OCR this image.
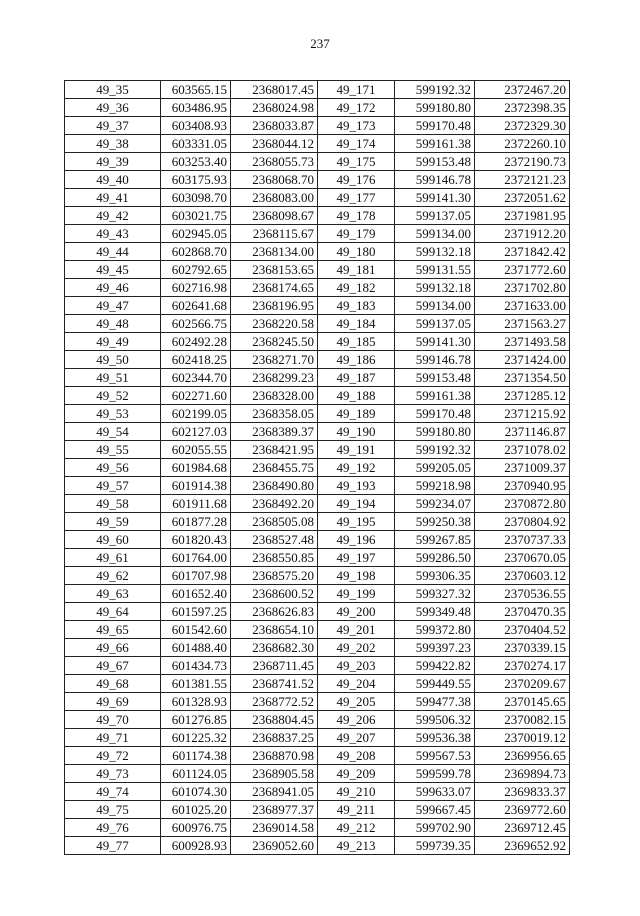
237
49_35	603565.15	2368017.45	49_171	599192.32	2372467.20
49_36	603486.95	2368024.98	49_172	599180.80	2372398.35
49_37	603408.93	2368033.87	49_173	599170.48	2372329.30
49_38	603331.05	2368044.12	49_174	599161.38	2372260.10
49_39	603253.40	2368055.73	49_175	599153.48	2372190.73
49_40	603175.93	2368068.70	49_176	599146.78	2372121.23
49_41	603098.70	2368083.00	49_177	599141.30	2372051.62
49_42	603021.75	2368098.67	49_178	599137.05	2371981.95
49_43	602945.05	2368115.67	49_179	599134.00	2371912.20
49_44	602868.70	2368134.00	49_180	599132.18	2371842.42
49_45	602792.65	2368153.65	49_181	599131.55	2371772.60
49_46	602716.98	2368174.65	49_182	599132.18	2371702.80
49_47	602641.68	2368196.95	49_183	599134.00	2371633.00
49_48	602566.75	2368220.58	49_184	599137.05	2371563.27
49_49	602492.28	2368245.50	49_185	599141.30	2371493.58
49_50	602418.25	2368271.70	49_186	599146.78	2371424.00
49_51	602344.70	2368299.23	49_187	599153.48	2371354.50
49_52	602271.60	2368328.00	49_188	599161.38	2371285.12
49_53	602199.05	2368358.05	49_189	599170.48	2371215.92
49_54	602127.03	2368389.37	49_190	599180.80	2371146.87
49_55	602055.55	2368421.95	49_191	599192.32	2371078.02
49_56	601984.68	2368455.75	49_192	599205.05	2371009.37
49_57	601914.38	2368490.80	49_193	599218.98	2370940.95
49_58	601911.68	2368492.20	49_194	599234.07	2370872.80
49_59	601877.28	2368505.08	49_195	599250.38	2370804.92
49_60	601820.43	2368527.48	49_196	599267.85	2370737.33
49_61	601764.00	2368550.85	49_197	599286.50	2370670.05
49_62	601707.98	2368575.20	49_198	599306.35	2370603.12
49_63	601652.40	2368600.52	49_199	599327.32	2370536.55
49_64	601597.25	2368626.83	49_200	599349.48	2370470.35
49_65	601542.60	2368654.10	49_201	599372.80	2370404.52
49_66	601488.40	2368682.30	49_202	599397.23	2370339.15
49_67	601434.73	2368711.45	49_203	599422.82	2370274.17
49_68	601381.55	2368741.52	49_204	599449.55	2370209.67
49_69	601328.93	2368772.52	49_205	599477.38	2370145.65
49_70	601276.85	2368804.45	49_206	599506.32	2370082.15
49_71	601225.32	2368837.25	49_207	599536.38	2370019.12
49_72	601174.38	2368870.98	49_208	599567.53	2369956.65
49_73	601124.05	2368905.58	49_209	599599.78	2369894.73
49_74	601074.30	2368941.05	49_210	599633.07	2369833.37
49_75	601025.20	2368977.37	49_211	599667.45	2369772.60
49_76	600976.75	2369014.58	49_212	599702.90	2369712.45
49_77	600928.93	2369052.60	49_213	599739.35	2369652.92
